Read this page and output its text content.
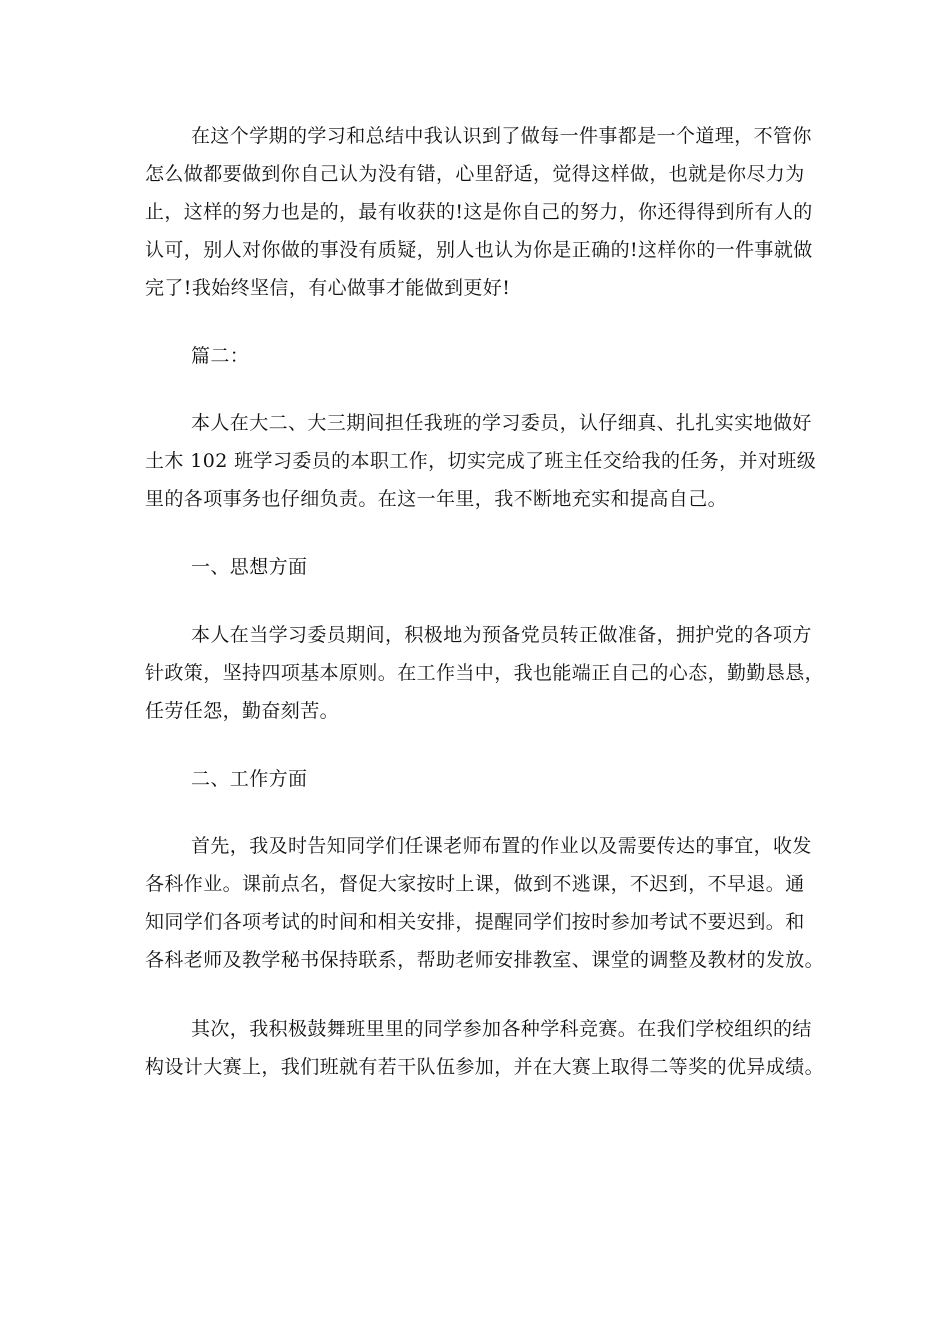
在这个学期的学习和总结中我认识到了做每一件事都是一个道理，不管你
怎么做都要做到你自己认为没有错，心里舒适，觉得这样做，也就是你尽力为
止，这样的努力也是的，最有收获的!这是你自己的努力，你还得得到所有人的
认可，别人对你做的事没有质疑，别人也认为你是正确的!这样你的一件事就做
完了!我始终坚信，有心做事才能做到更好!
篇二：
本人在大二、大三期间担任我班的学习委员，认仔细真、扎扎实实地做好
土木 102 班学习委员的本职工作，切实完成了班主任交给我的任务，并对班级
里的各项事务也仔细负责。在这一年里，我不断地充实和提高自己。
一、思想方面
本人在当学习委员期间，积极地为预备党员转正做准备，拥护党的各项方
针政策，坚持四项基本原则。在工作当中，我也能端正自己的心态，勤勤恳恳，
任劳任怨，勤奋刻苦。
二、工作方面
首先，我及时告知同学们任课老师布置的作业以及需要传达的事宜，收发
各科作业。课前点名，督促大家按时上课，做到不逃课，不迟到，不早退。通
知同学们各项考试的时间和相关安排，提醒同学们按时参加考试不要迟到。和
各科老师及教学秘书保持联系，帮助老师安排教室、课堂的调整及教材的发放。
其次，我积极鼓舞班里里的同学参加各种学科竞赛。在我们学校组织的结
构设计大赛上，我们班就有若干队伍参加，并在大赛上取得二等奖的优异成绩。
